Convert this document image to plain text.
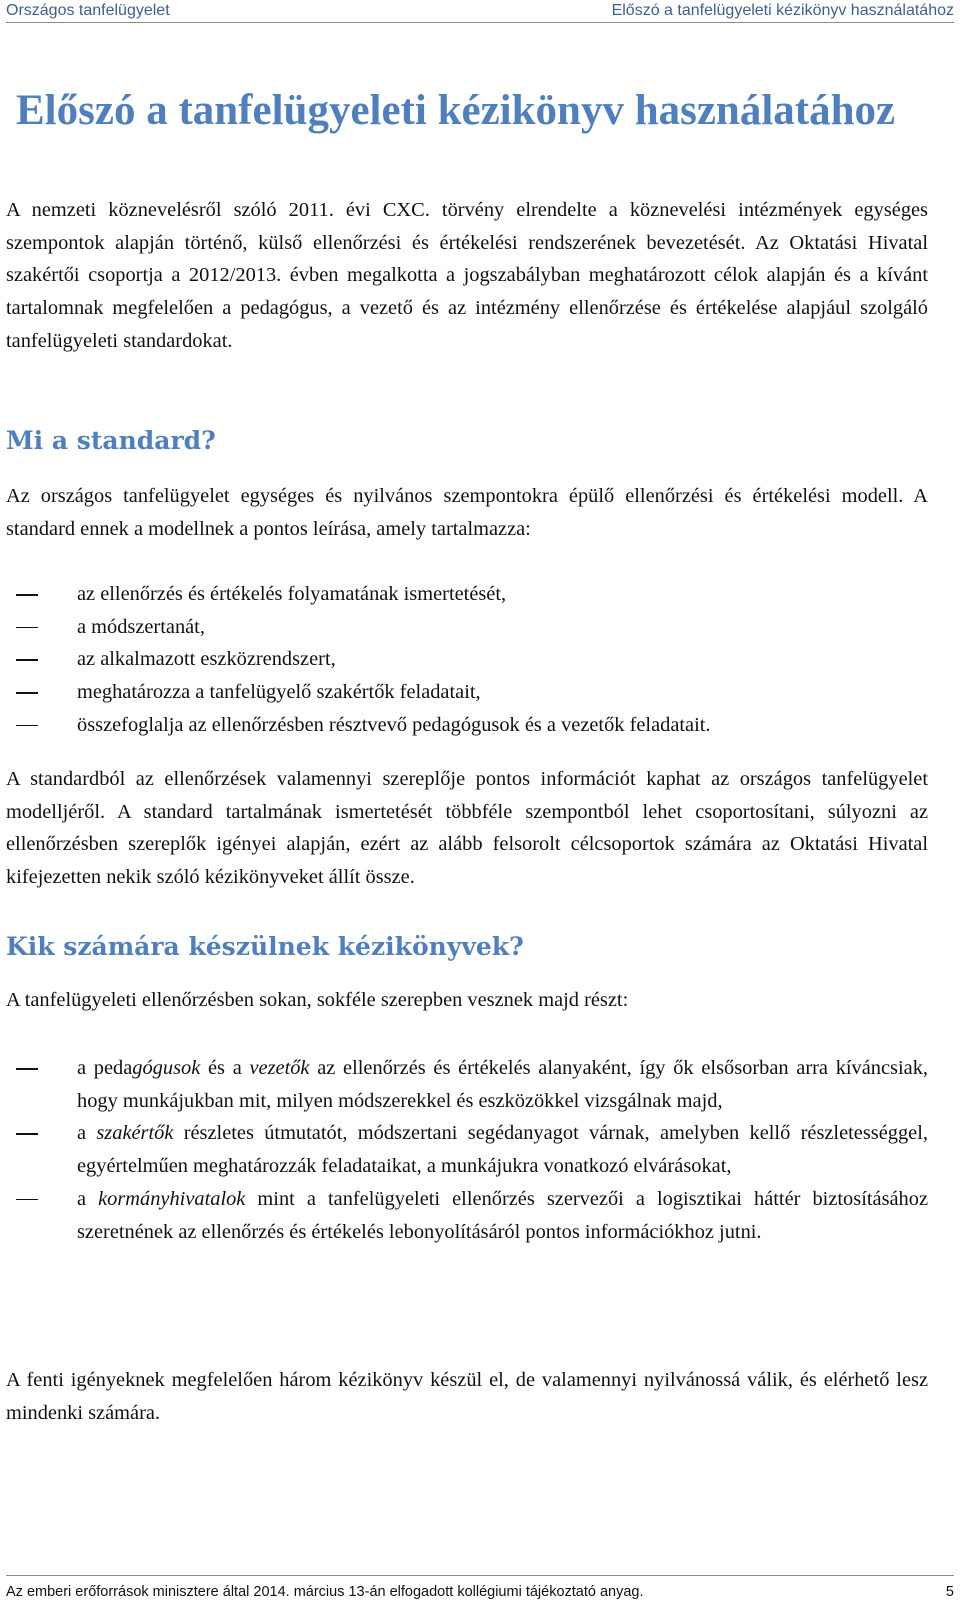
Országos tanfelügyelet	Előszó a tanfelügyeleti kézikönyv használatához
Előszó a tanfelügyeleti kézikönyv használatához

A nemzeti köznevelésről szóló 2011. évi CXC. törvény elrendelte a köznevelési intézmények egységes szempontok alapján történő, külső ellenőrzési és értékelési rendszerének bevezetését. Az Oktatási Hivatal szakértői csoportja a 2012/2013. évben megalkotta a jogszabályban meghatározott célok alapján és a kívánt tartalomnak megfelelően a pedagógus, a vezető és az intézmény ellenőrzése és értékelése alapjául szolgáló tanfelügyeleti standardokat.

Mi a standard?

Az országos tanfelügyelet egységes és nyilvános szempontokra épülő ellenőrzési és értékelési modell. A standard ennek a modellnek a pontos leírása, amely tartalmazza:

az ellenőrzés és értékelés folyamatának ismertetését,
a módszertanát,
az alkalmazott eszközrendszert,
meghatározza a tanfelügyelő szakértők feladatait,
összefoglalja az ellenőrzésben résztvevő pedagógusok és a vezetők feladatait.

A standardból az ellenőrzések valamennyi szereplője pontos információt kaphat az országos tanfelügyelet modelljéről. A standard tartalmának ismertetését többféle szempontból lehet csoportosítani, súlyozni az ellenőrzésben szereplők igényei alapján, ezért az alább felsorolt célcsoportok számára az Oktatási Hivatal kifejezetten nekik szóló kézikönyveket állít össze.

Kik számára készülnek kézikönyvek?

A tanfelügyeleti ellenőrzésben sokan, sokféle szerepben vesznek majd részt:

a pedagógusok és a vezetők az ellenőrzés és értékelés alanyaként, így ők elsősorban arra kíváncsiak, hogy munkájukban mit, milyen módszerekkel és eszközökkel vizsgálnak majd,
a szakértők részletes útmutatót, módszertani segédanyagot várnak, amelyben kellő részletességgel, egyértelműen meghatározzák feladataikat, a munkájukra vonatkozó elvárásokat,
a kormányhivatalok mint a tanfelügyeleti ellenőrzés szervezői a logisztikai háttér biztosításához szeretnének az ellenőrzés és értékelés lebonyolításáról pontos információkhoz jutni.

A fenti igényeknek megfelelően három kézikönyv készül el, de valamennyi nyilvánossá válik, és elérhető lesz mindenki számára.

Az emberi erőforrások minisztere által 2014. március 13-án elfogadott kollégiumi tájékoztató anyag.	5
